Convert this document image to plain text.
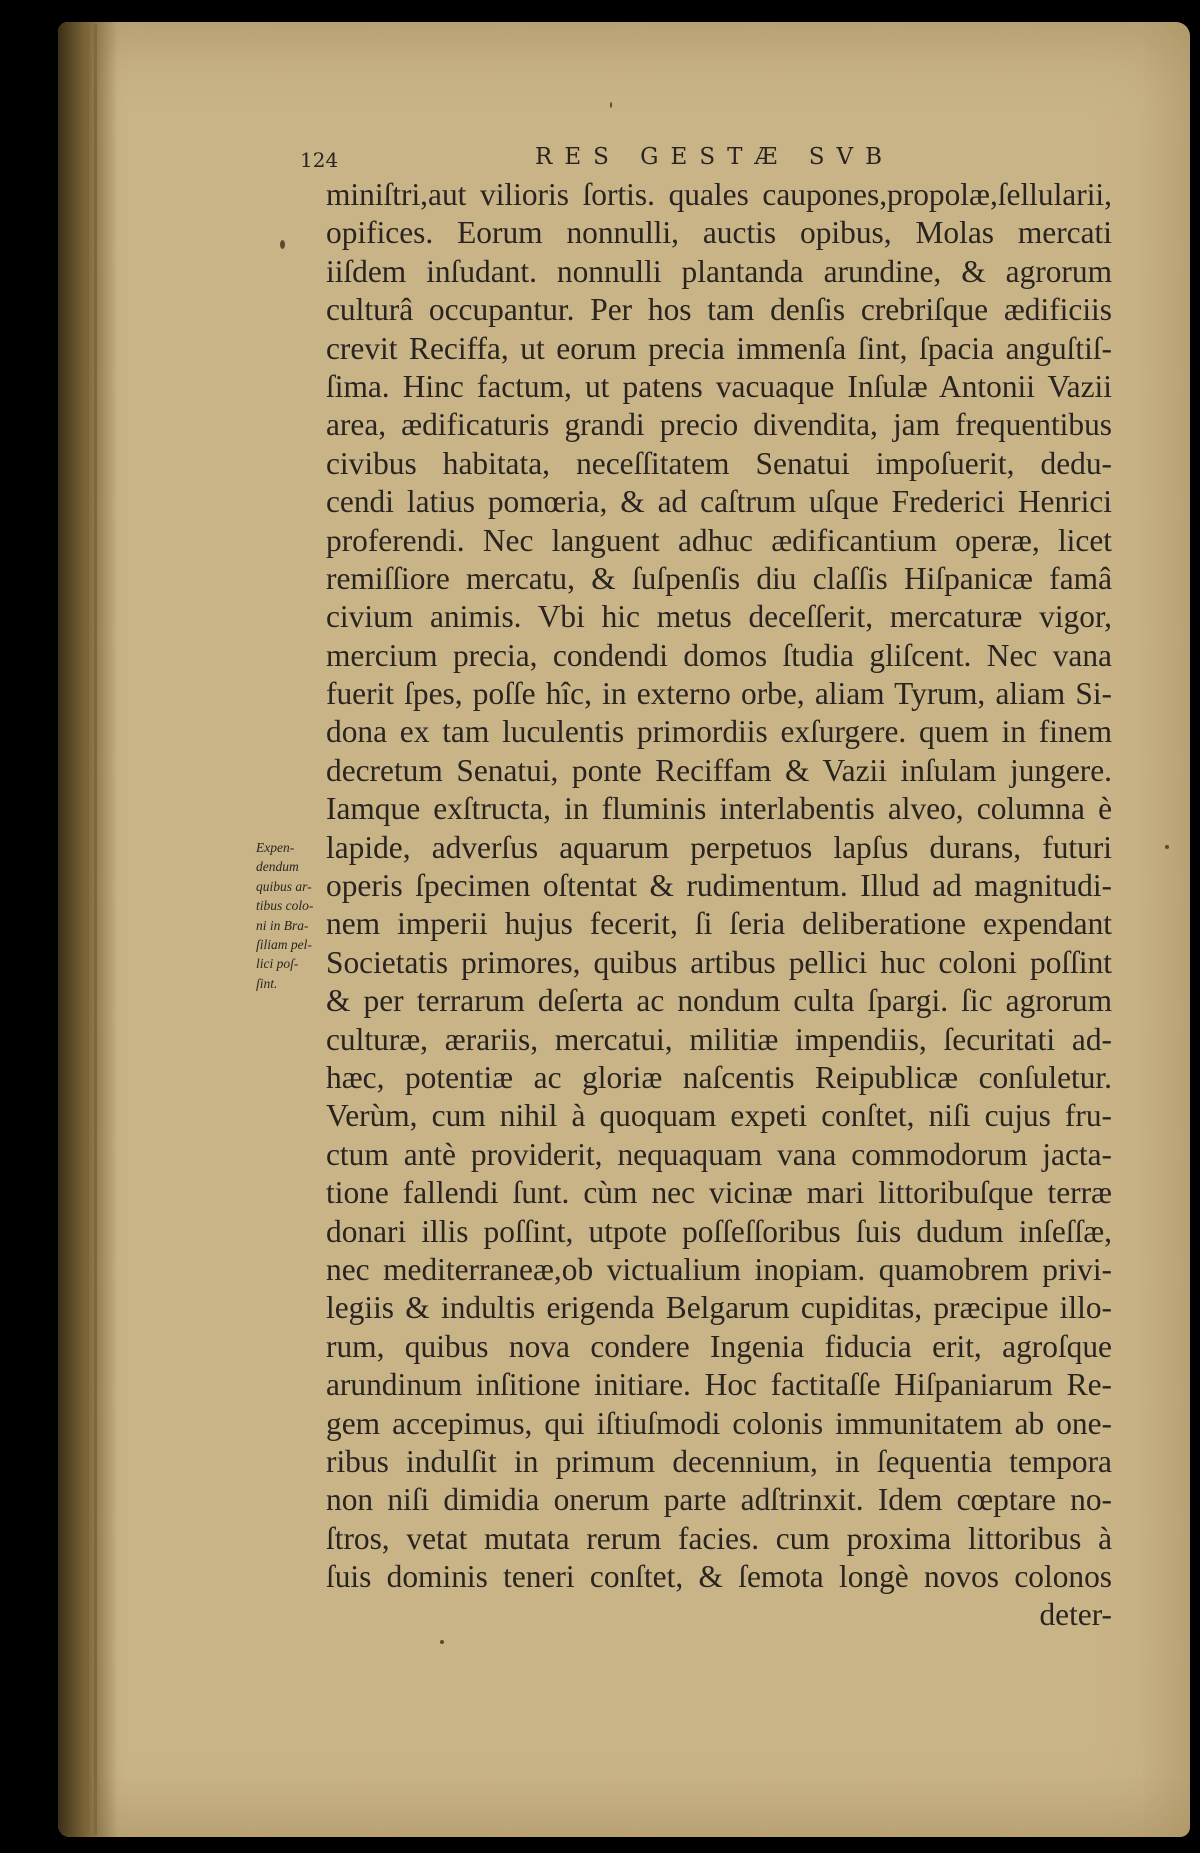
124	RES GESTÆ SVB
Expen-
dendum
quibus ar-
tibus colo-
ni in Bra-
ſiliam pel-
lici poſ-
ſint.
miniſtri,aut vilioris ſortis. quales caupones,propolæ,ſellularii,
opifices. Eorum nonnulli, auctis opibus, Molas mercati
iiſdem inſudant. nonnulli plantanda arundine, & agrorum
culturâ occupantur. Per hos tam denſis crebriſque ædificiis
crevit Reciffa, ut eorum precia immenſa ſint, ſpacia anguſtiſ-
ſima. Hinc factum, ut patens vacuaque Inſulæ Antonii Vazii
area, ædificaturis grandi precio divendita, jam frequentibus
civibus habitata, neceſſitatem Senatui impoſuerit, dedu-
cendi latius pomœria, & ad caſtrum uſque Frederici Henrici
proferendi. Nec languent adhuc ædificantium operæ, licet
remiſſiore mercatu, & ſuſpenſis diu claſſis Hiſpanicæ famâ
civium animis. Vbi hic metus deceſſerit, mercaturæ vigor,
mercium precia, condendi domos ſtudia gliſcent. Nec vana
fuerit ſpes, poſſe hîc, in externo orbe, aliam Tyrum, aliam Si-
dona ex tam luculentis primordiis exſurgere. quem in finem
decretum Senatui, ponte Reciffam & Vazii inſulam jungere.
Iamque exſtructa, in fluminis interlabentis alveo, columna è
lapide, adverſus aquarum perpetuos lapſus durans, futuri
operis ſpecimen oſtentat & rudimentum. Illud ad magnitudi-
nem imperii hujus fecerit, ſi ſeria deliberatione expendant
Societatis primores, quibus artibus pellici huc coloni poſſint
& per terrarum deſerta ac nondum culta ſpargi. ſic agrorum
culturæ, ærariis, mercatui, militiæ impendiis, ſecuritati ad-
hæc, potentiæ ac gloriæ naſcentis Reipublicæ conſuletur.
Verùm, cum nihil à quoquam expeti conſtet, niſi cujus fru-
ctum antè providerit, nequaquam vana commodorum jacta-
tione fallendi ſunt. cùm nec vicinæ mari littoribuſque terræ
donari illis poſſint, utpote poſſeſſoribus ſuis dudum inſeſſæ,
nec mediterraneæ,ob victualium inopiam. quamobrem privi-
legiis & indultis erigenda Belgarum cupiditas, præcipue illo-
rum, quibus nova condere Ingenia fiducia erit, agroſque
arundinum inſitione initiare. Hoc factitaſſe Hiſpaniarum Re-
gem accepimus, qui iſtiuſmodi colonis immunitatem ab one-
ribus indulſit in primum decennium, in ſequentia tempora
non niſi dimidia onerum parte adſtrinxit. Idem cœptare no-
ſtros, vetat mutata rerum facies. cum proxima littoribus à
ſuis dominis teneri conſtet, & ſemota longè novos colonos
deter-
